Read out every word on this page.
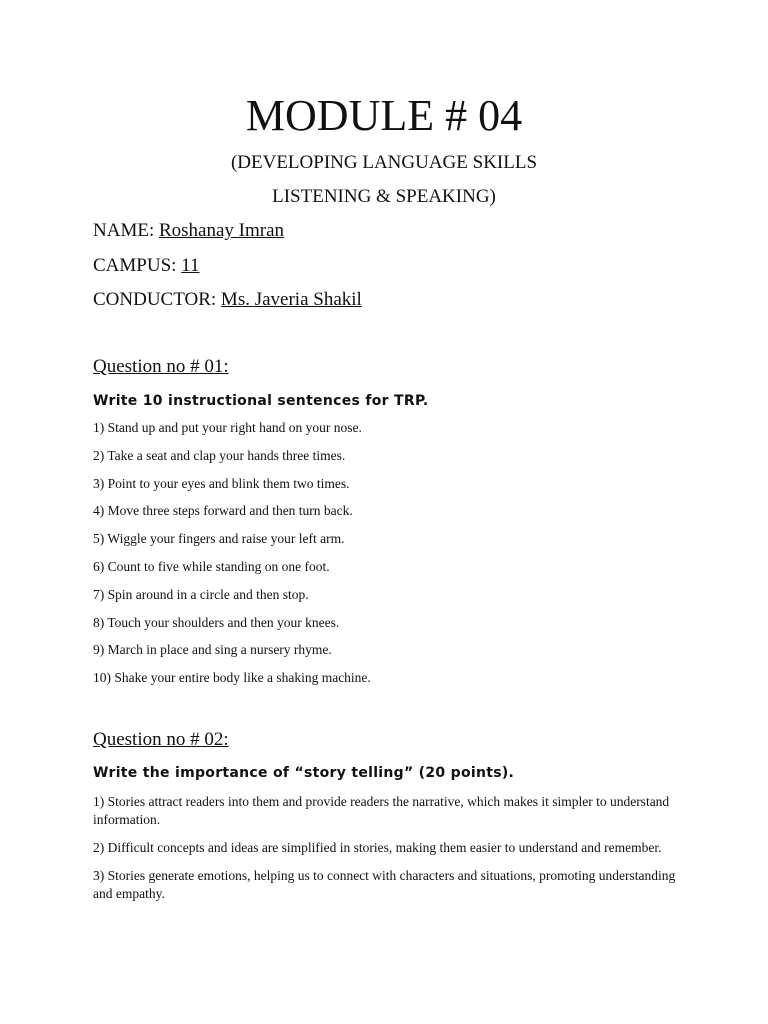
MODULE # 04
(DEVELOPING LANGUAGE SKILLS
LISTENING & SPEAKING)
NAME: Roshanay Imran
CAMPUS: 11
CONDUCTOR: Ms. Javeria Shakil
Question no # 01:
Write 10 instructional sentences for TRP.
1) Stand up and put your right hand on your nose.
2) Take a seat and clap your hands three times.
3) Point to your eyes and blink them two times.
4) Move three steps forward and then turn back.
5) Wiggle your fingers and raise your left arm.
6) Count to five while standing on one foot.
7) Spin around in a circle and then stop.
8) Touch your shoulders and then your knees.
9) March in place and sing a nursery rhyme.
10) Shake your entire body like a shaking machine.
Question no # 02:
Write the importance of “story telling” (20 points).
1) Stories attract readers into them and provide readers the narrative, which makes it simpler to understand information.
2) Difficult concepts and ideas are simplified in stories, making them easier to understand and remember.
3) Stories generate emotions, helping us to connect with characters and situations, promoting understanding and empathy.
